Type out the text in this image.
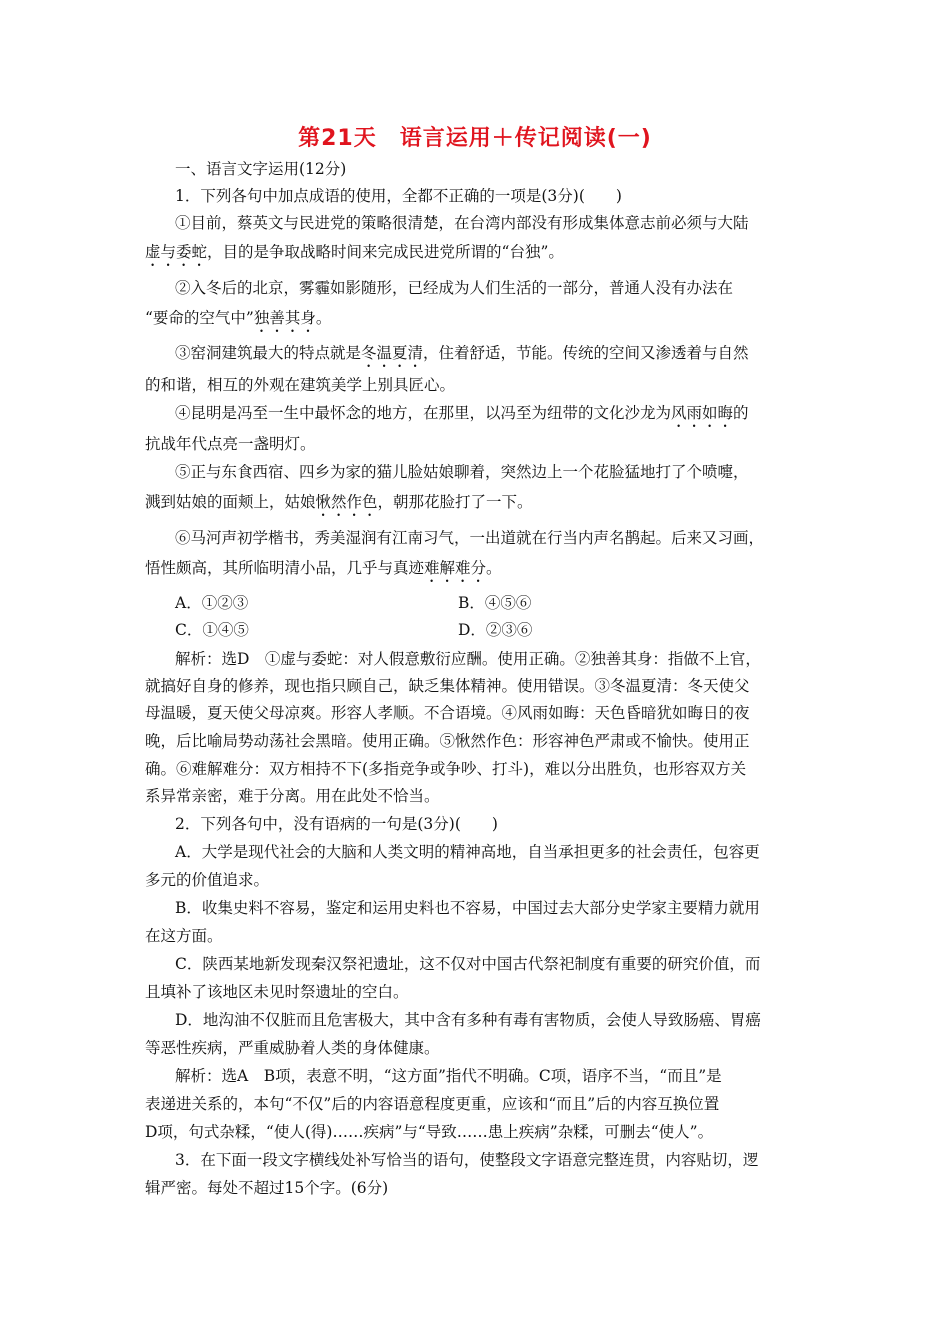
第21天　语言运用＋传记阅读(一)
一、语言文字运用(12分)
1．下列各句中加点成语的使用，全都不正确的一项是(3分)(　　)
①目前，蔡英文与民进党的策略很清楚，在台湾内部没有形成集体意志前必须与大陆
虚与委蛇，目的是争取战略时间来完成民进党所谓的“台独”。
②入冬后的北京，雾霾如影随形，已经成为人们生活的一部分，普通人没有办法在
“要命的空气中”独善其身。
③窑洞建筑最大的特点就是冬温夏清，住着舒适，节能。传统的空间又渗透着与自然
的和谐，相互的外观在建筑美学上别具匠心。
④昆明是冯至一生中最怀念的地方，在那里，以冯至为纽带的文化沙龙为风雨如晦的
抗战年代点亮一盏明灯。
⑤正与东食西宿、四乡为家的猫儿脸姑娘聊着，突然边上一个花脸猛地打了个喷嚏，
溅到姑娘的面颊上，姑娘愀然作色，朝那花脸打了一下。
⑥马河声初学楷书，秀美湿润有江南习气，一出道就在行当内声名鹊起。后来又习画，
悟性颇高，其所临明清小品，几乎与真迹难解难分。
A．①②③	B．④⑤⑥
C．①④⑤	D．②③⑥
解析：选D　①虚与委蛇：对人假意敷衍应酬。使用正确。②独善其身：指做不上官，
就搞好自身的修养，现也指只顾自己，缺乏集体精神。使用错误。③冬温夏清：冬天使父
母温暖，夏天使父母凉爽。形容人孝顺。不合语境。④风雨如晦：天色昏暗犹如晦日的夜
晚，后比喻局势动荡社会黑暗。使用正确。⑤愀然作色：形容神色严肃或不愉快。使用正
确。⑥难解难分：双方相持不下(多指竞争或争吵、打斗)，难以分出胜负，也形容双方关
系异常亲密，难于分离。用在此处不恰当。
2．下列各句中，没有语病的一句是(3分)(　　)
A．大学是现代社会的大脑和人类文明的精神高地，自当承担更多的社会责任，包容更
多元的价值追求。
B．收集史料不容易，鉴定和运用史料也不容易，中国过去大部分史学家主要精力就用
在这方面。
C．陕西某地新发现秦汉祭祀遗址，这不仅对中国古代祭祀制度有重要的研究价值，而
且填补了该地区未见时祭遗址的空白。
D．地沟油不仅脏而且危害极大，其中含有多种有毒有害物质，会使人导致肠癌、胃癌
等恶性疾病，严重威胁着人类的身体健康。
解析：选A　B项，表意不明，“这方面”指代不明确。C项，语序不当，“而且”是
表递进关系的，本句“不仅”后的内容语意程度更重，应该和“而且”后的内容互换位置
D项，句式杂糅，“使人(得)……疾病”与“导致……患上疾病”杂糅，可删去“使人”。
3．在下面一段文字横线处补写恰当的语句，使整段文字语意完整连贯，内容贴切，逻
辑严密。每处不超过15个字。(6分)
